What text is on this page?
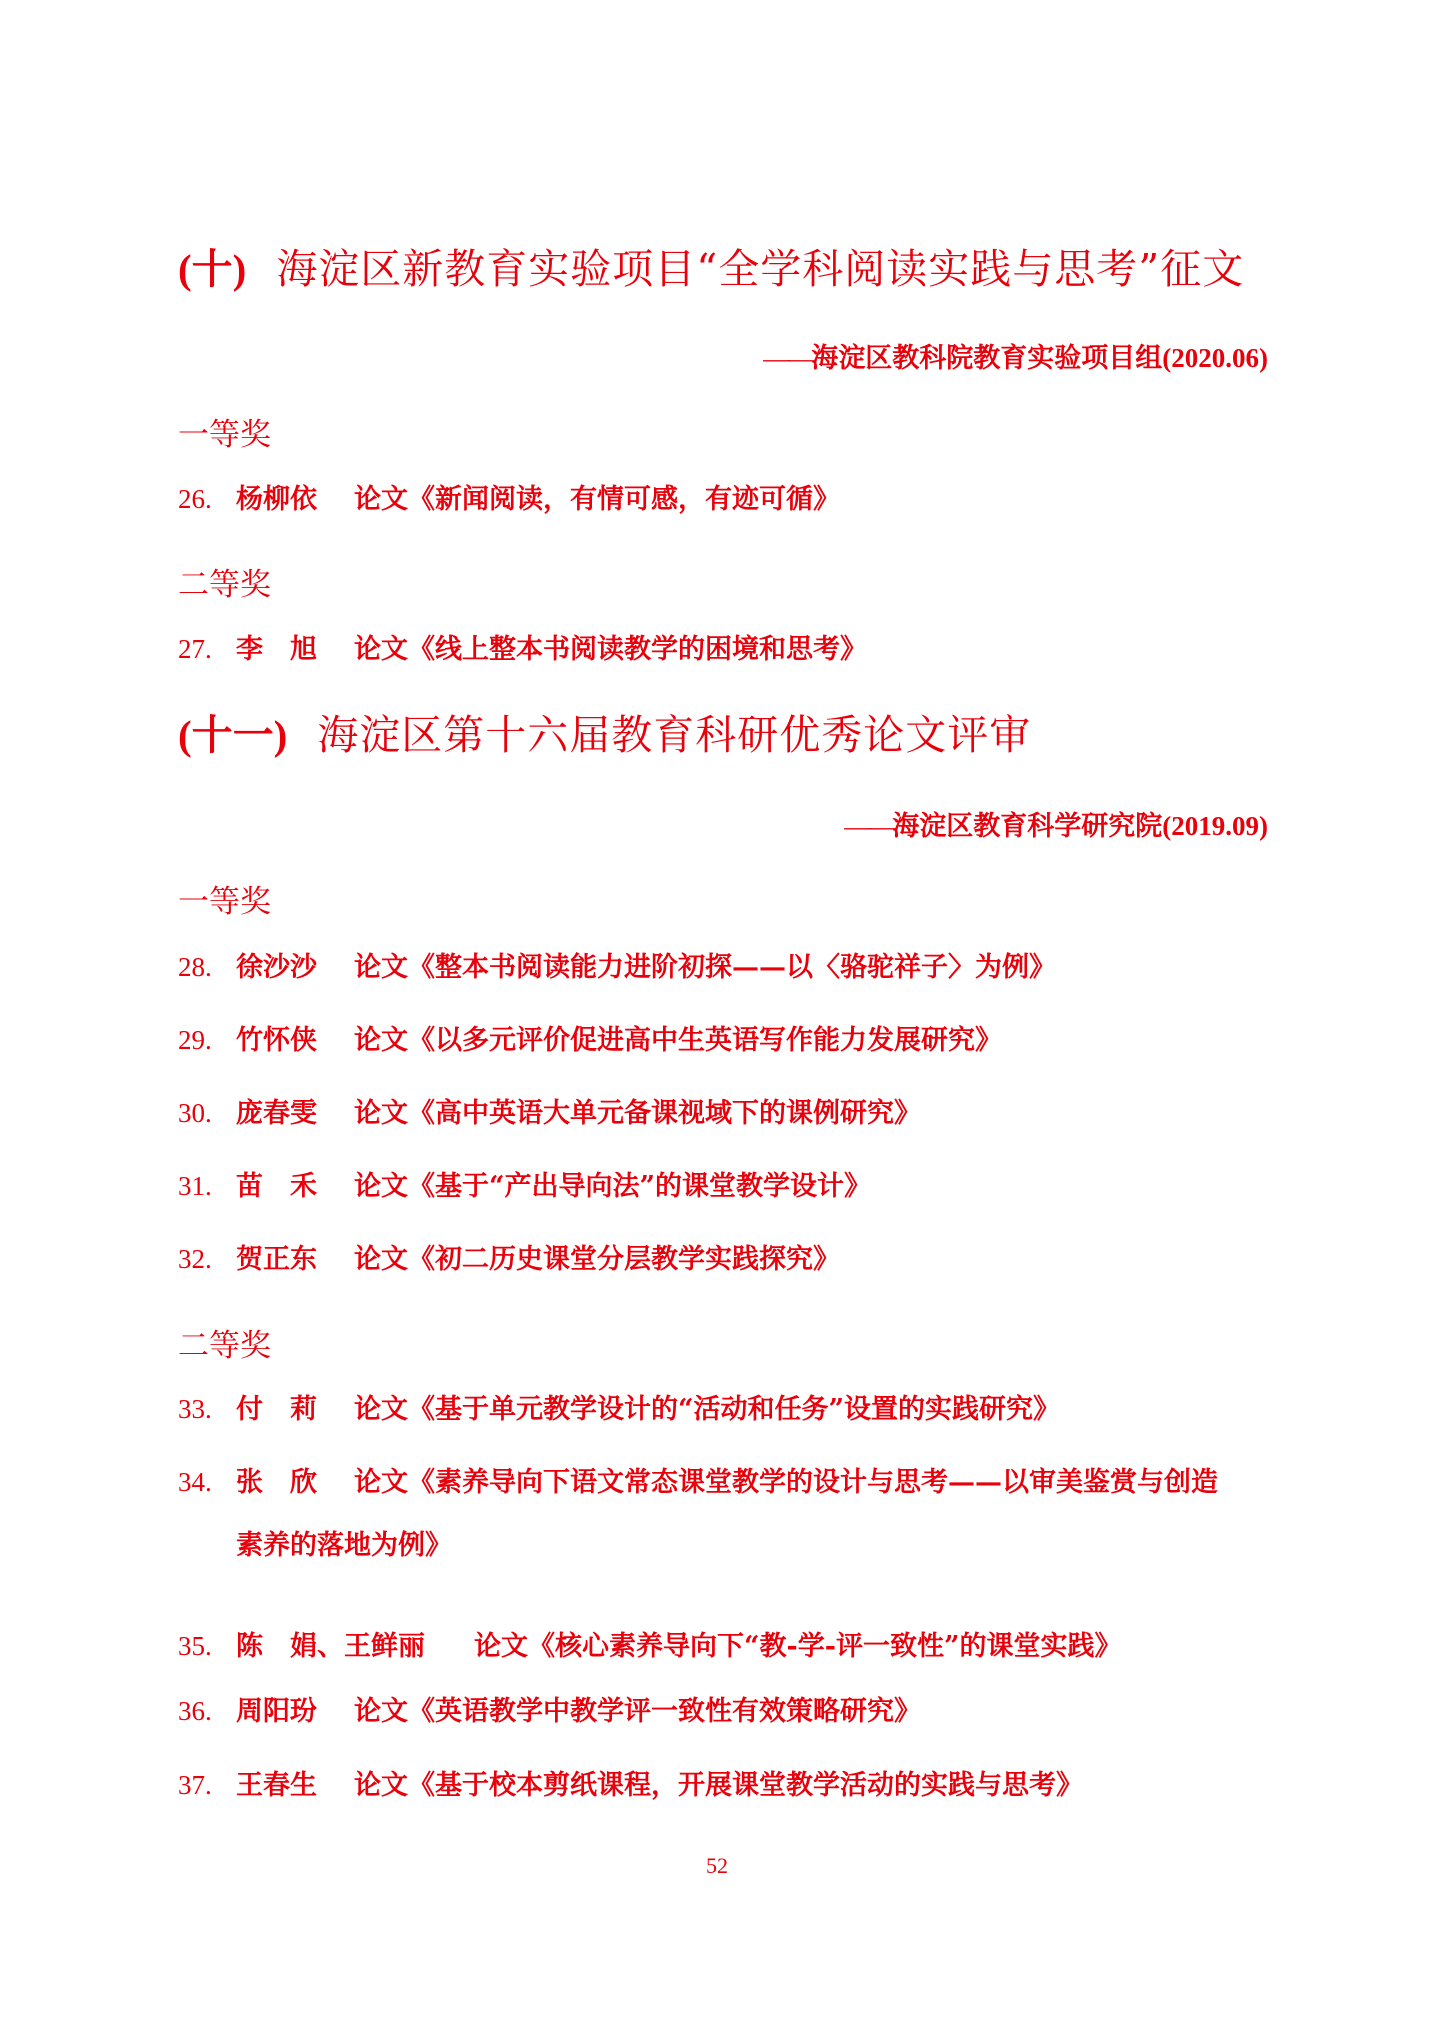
(十) 海淀区新教育实验项目“全学科阅读实践与思考”征文
——海淀区教科院教育实验项目组(2020.06)
一等奖
26. 杨柳依 论文《新闻阅读，有情可感，有迹可循》
二等奖
27. 李　旭 论文《线上整本书阅读教学的困境和思考》
(十一) 海淀区第十六届教育科研优秀论文评审
——海淀区教育科学研究院(2019.09)
一等奖
28. 徐沙沙 论文《整本书阅读能力进阶初探——以〈骆驼祥子〉为例》
29. 竹怀侠 论文《以多元评价促进高中生英语写作能力发展研究》
30. 庞春雯 论文《高中英语大单元备课视域下的课例研究》
31. 苗　禾 论文《基于“产出导向法”的课堂教学设计》
32. 贺正东 论文《初二历史课堂分层教学实践探究》
二等奖
33. 付　莉 论文《基于单元教学设计的“活动和任务”设置的实践研究》
34. 张　欣 论文《素养导向下语文常态课堂教学的设计与思考——以审美鉴赏与创造
素养的落地为例》
35. 陈　娟、王鲜丽 论文《核心素养导向下“教-学-评一致性”的课堂实践》
36. 周阳玢 论文《英语教学中教学评一致性有效策略研究》
37. 王春生 论文《基于校本剪纸课程，开展课堂教学活动的实践与思考》
52
